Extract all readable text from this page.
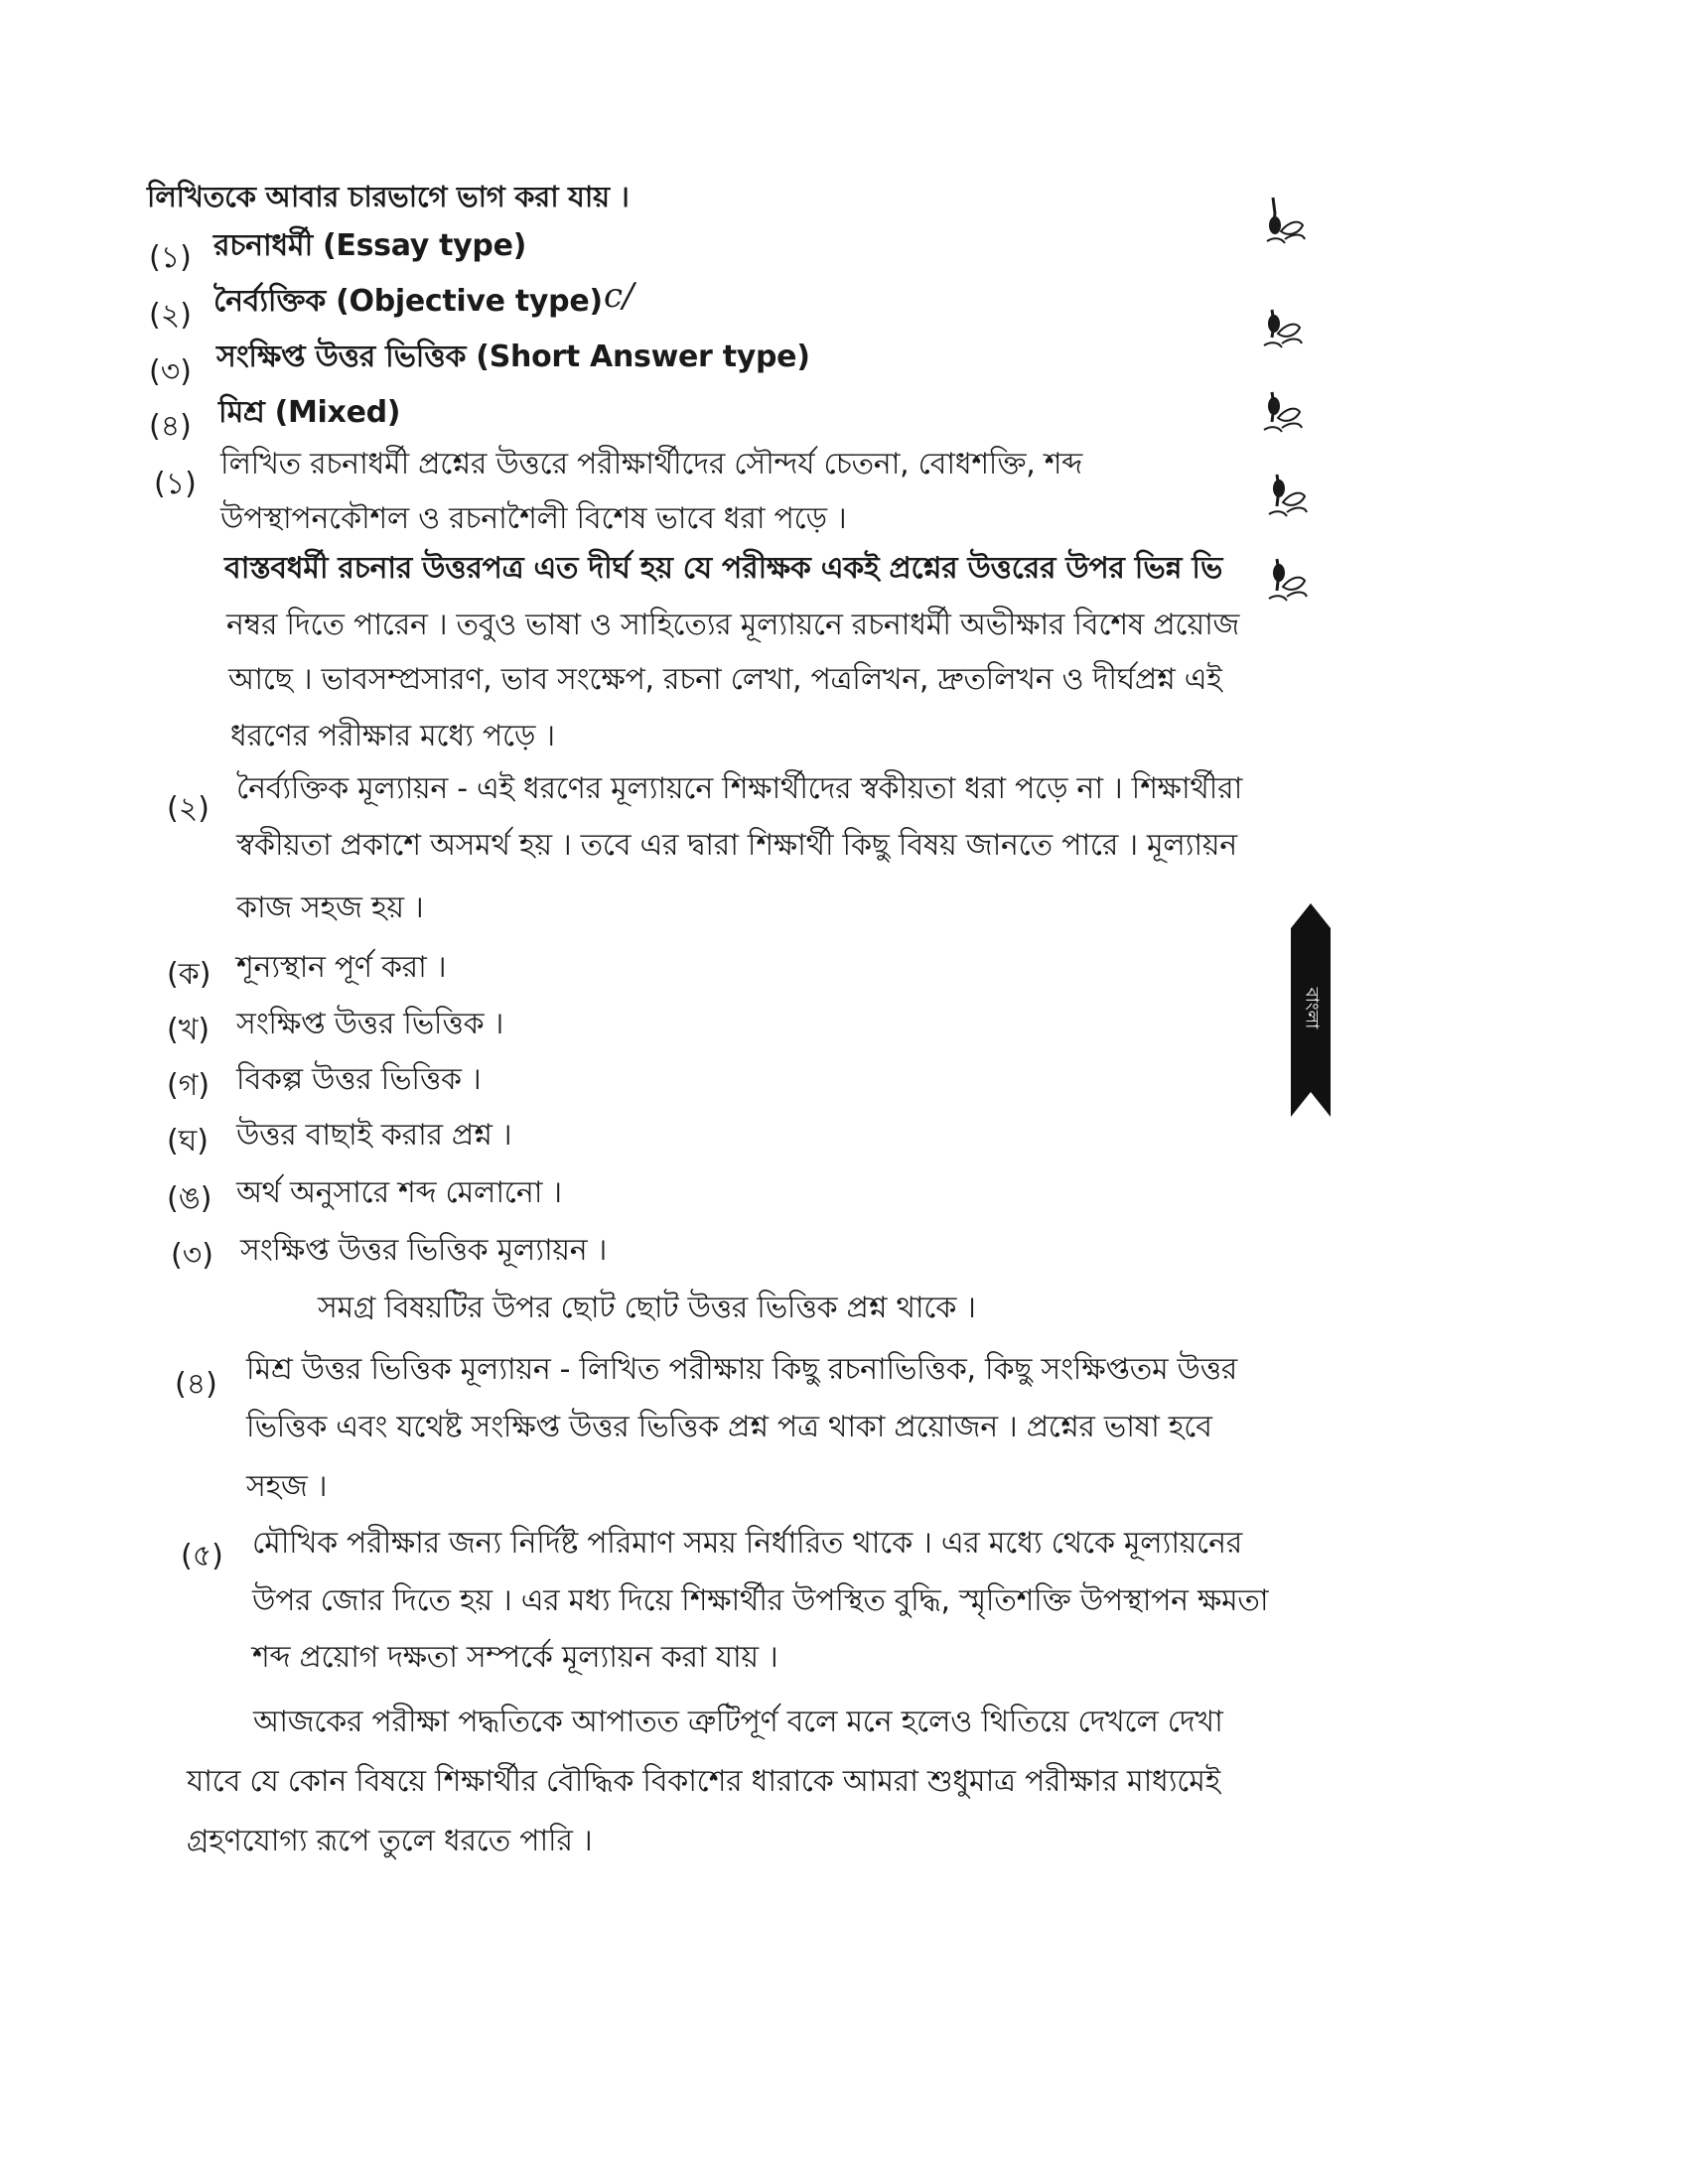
লিখিতকে আবার চারভাগে ভাগ করা যায় ।
(১) রচনাধর্মী (Essay type)
(২) নৈর্ব্যক্তিক (Objective type) c/
(৩) সংক্ষিপ্ত উত্তর ভিত্তিক (Short Answer type)
(৪) মিশ্র (Mixed)
(১)
লিখিত রচনাধর্মী প্রশ্নের উত্তরে পরীক্ষার্থীদের সৌন্দর্য চেতনা, বোধশক্তি, শব্দ
উপস্থাপনকৌশল ও রচনাশৈলী বিশেষ ভাবে ধরা পড়ে ।
বাস্তবধর্মী রচনার উত্তরপত্র এত দীর্ঘ হয় যে পরীক্ষক একই প্রশ্নের উত্তরের উপর ভিন্ন ভি
নম্বর দিতে পারেন । তবুও ভাষা ও সাহিত্যের মূল্যায়নে রচনাধর্মী অভীক্ষার বিশেষ প্রয়োজ
আছে । ভাবসম্প্রসারণ, ভাব সংক্ষেপ, রচনা লেখা, পত্রলিখন, দ্রুতলিখন ও দীর্ঘপ্রশ্ন এই
ধরণের পরীক্ষার মধ্যে পড়ে ।
(২)
নৈর্ব্যক্তিক মূল্যায়ন - এই ধরণের মূল্যায়নে শিক্ষার্থীদের স্বকীয়তা ধরা পড়ে না । শিক্ষার্থীরা
স্বকীয়তা প্রকাশে অসমর্থ হয় । তবে এর দ্বারা শিক্ষার্থী কিছু বিষয় জানতে পারে । মূল্যায়ন
কাজ সহজ হয় ।
(ক) শূন্যস্থান পূর্ণ করা ।
(খ) সংক্ষিপ্ত উত্তর ভিত্তিক ।
(গ) বিকল্প উত্তর ভিত্তিক ।
(ঘ) উত্তর বাছাই করার প্রশ্ন ।
(ঙ) অর্থ অনুসারে শব্দ মেলানো ।
(৩) সংক্ষিপ্ত উত্তর ভিত্তিক মূল্যায়ন ।
সমগ্র বিষয়টির উপর ছোট ছোট উত্তর ভিত্তিক প্রশ্ন থাকে ।
(৪) মিশ্র উত্তর ভিত্তিক মূল্যায়ন - লিখিত পরীক্ষায় কিছু রচনাভিত্তিক, কিছু সংক্ষিপ্ততম উত্তর
ভিত্তিক এবং যথেষ্ট সংক্ষিপ্ত উত্তর ভিত্তিক প্রশ্ন পত্র থাকা প্রয়োজন । প্রশ্নের ভাষা হবে
সহজ ।
(৫) মৌখিক পরীক্ষার জন্য নির্দিষ্ট পরিমাণ সময় নির্ধারিত থাকে । এর মধ্যে থেকে মূল্যায়নের
উপর জোর দিতে হয় । এর মধ্য দিয়ে শিক্ষার্থীর উপস্থিত বুদ্ধি, স্মৃতিশক্তি উপস্থাপন ক্ষমতা
শব্দ প্রয়োগ দক্ষতা সম্পর্কে মূল্যায়ন করা যায় ।
আজকের পরীক্ষা পদ্ধতিকে আপাতত ত্রুটিপূর্ণ বলে মনে হলেও থিতিয়ে দেখলে দেখা
যাবে যে কোন বিষয়ে শিক্ষার্থীর বৌদ্ধিক বিকাশের ধারাকে আমরা শুধুমাত্র পরীক্ষার মাধ্যমেই
গ্রহণযোগ্য রূপে তুলে ধরতে পারি ।
বাংলা
